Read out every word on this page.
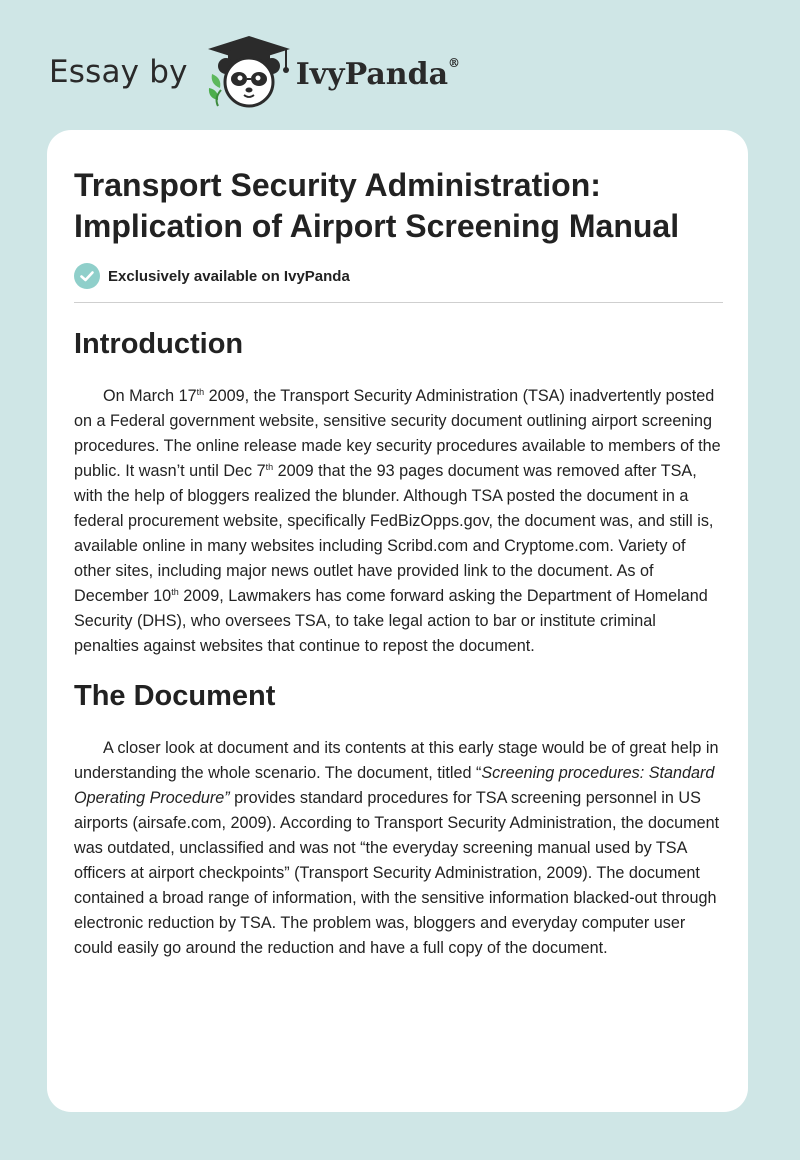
Essay by	IvyPanda®
Transport Security Administration: Implication of Airport Screening Manual
Exclusively available on IvyPanda
Introduction

On March 17th 2009, the Transport Security Administration (TSA) inadvertently posted on a Federal government website, sensitive security document outlining airport screening procedures. The online release made key security procedures available to members of the public. It wasn’t until Dec 7th 2009 that the 93 pages document was removed after TSA, with the help of bloggers realized the blunder. Although TSA posted the document in a federal procurement website, specifically FedBizOpps.gov, the document was, and still is, available online in many websites including Scribd.com and Cryptome.com. Variety of other sites, including major news outlet have provided link to the document. As of December 10th 2009, Lawmakers has come forward asking the Department of Homeland Security (DHS), who oversees TSA, to take legal action to bar or institute criminal penalties against websites that continue to repost the document.

The Document

A closer look at document and its contents at this early stage would be of great help in understanding the whole scenario. The document, titled “Screening procedures: Standard Operating Procedure” provides standard procedures for TSA screening personnel in US airports (airsafe.com, 2009). According to Transport Security Administration, the document was outdated, unclassified and was not “the everyday screening manual used by TSA officers at airport checkpoints” (Transport Security Administration, 2009). The document contained a broad range of information, with the sensitive information blacked-out through electronic reduction by TSA. The problem was, bloggers and everyday computer user could easily go around the reduction and have a full copy of the document.
